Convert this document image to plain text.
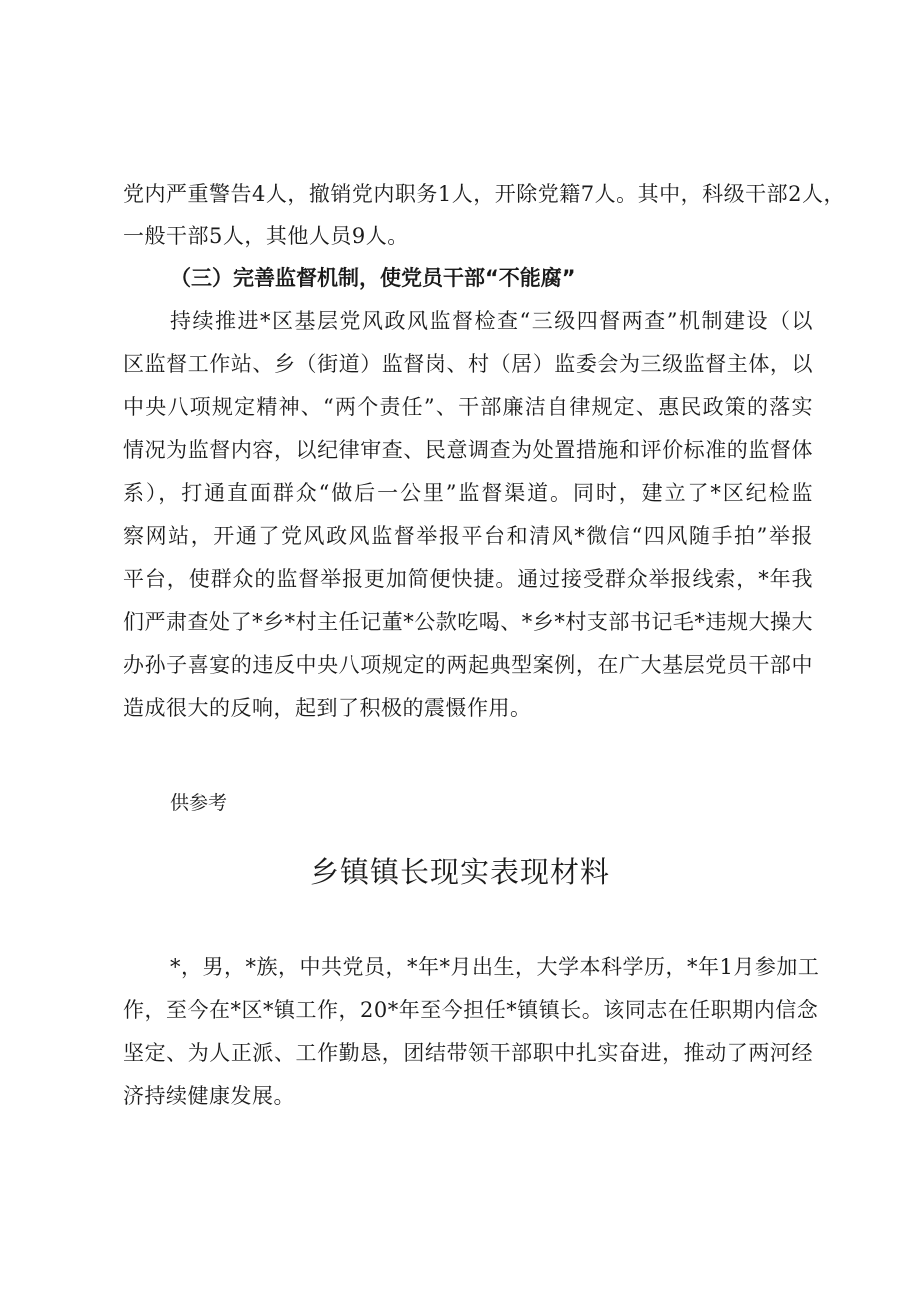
党内严重警告4人，撤销党内职务1人，开除党籍7人。其中，科级干部2人，
一般干部5人，其他人员9人。
（三）完善监督机制，使党员干部“不能腐”
持续推进*区基层党风政风监督检查“三级四督两查”机制建设（以
区监督工作站、乡（街道）监督岗、村（居）监委会为三级监督主体，以
中央八项规定精神、“两个责任”、干部廉洁自律规定、惠民政策的落实
情况为监督内容，以纪律审查、民意调查为处置措施和评价标准的监督体
系），打通直面群众“做后一公里”监督渠道。同时，建立了*区纪检监
察网站，开通了党风政风监督举报平台和清风*微信“四风随手拍”举报
平台，使群众的监督举报更加简便快捷。通过接受群众举报线索，*年我
们严肃查处了*乡*村主任记董*公款吃喝、*乡*村支部书记毛*违规大操大
办孙子喜宴的违反中央八项规定的两起典型案例，在广大基层党员干部中
造成很大的反响，起到了积极的震慑作用。
供参考
乡镇镇长现实表现材料
*，男，*族，中共党员，*年*月出生，大学本科学历，*年1月参加工
作，至今在*区*镇工作，20*年至今担任*镇镇长。该同志在任职期内信念
坚定、为人正派、工作勤恳，团结带领干部职中扎实奋进，推动了两河经
济持续健康发展。
